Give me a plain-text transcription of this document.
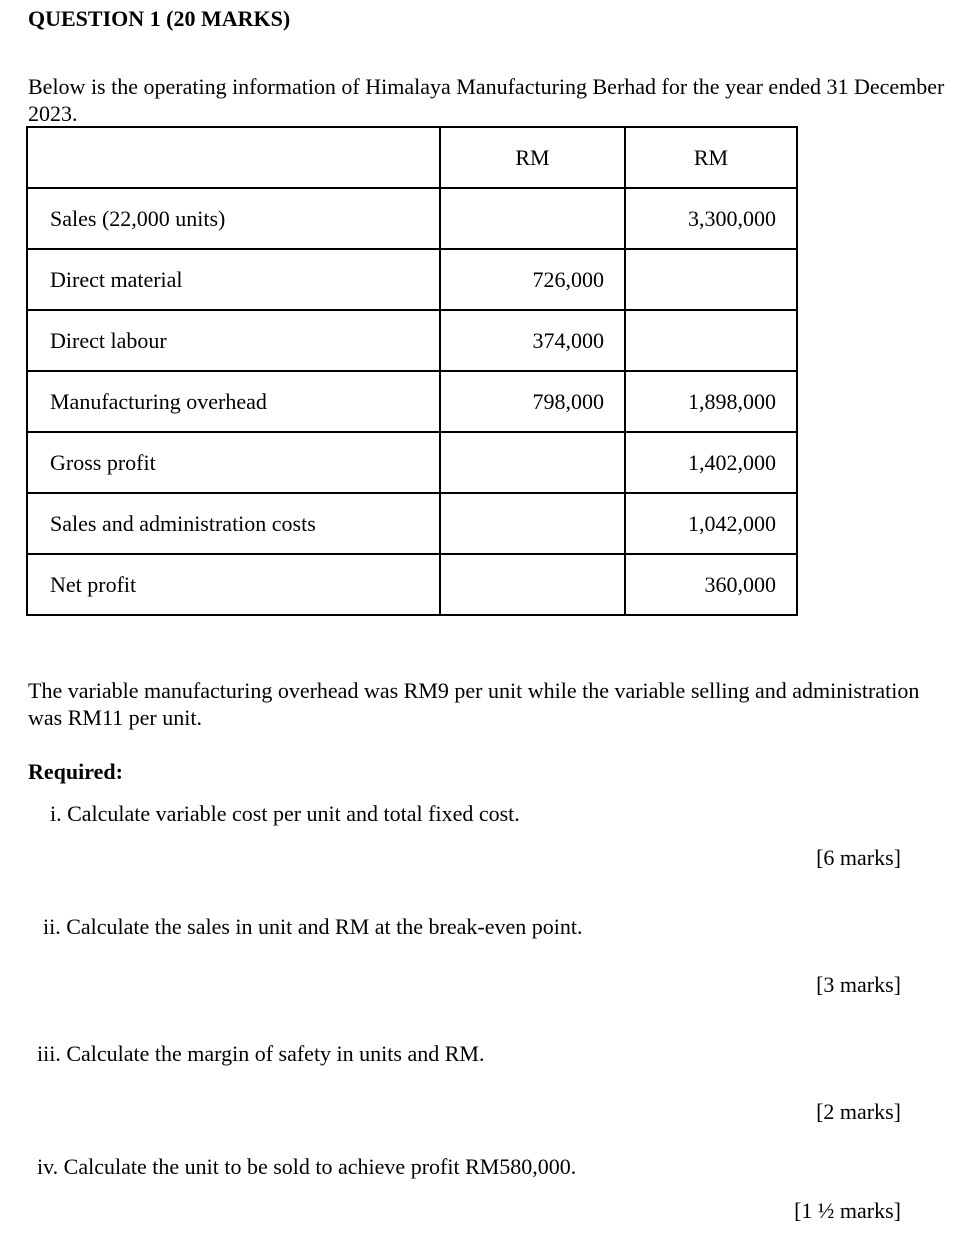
QUESTION 1 (20 MARKS)
Below is the operating information of Himalaya Manufacturing Berhad for the year ended 31 December 2023.
	RM	RM
Sales (22,000 units)		3,300,000
Direct material	726,000	
Direct labour	374,000	
Manufacturing overhead	798,000	1,898,000
Gross profit		1,402,000
Sales and administration costs		1,042,000
Net profit		360,000
The variable manufacturing overhead was RM9 per unit while the variable selling and administration was RM11 per unit.
Required:
i. Calculate variable cost per unit and total fixed cost.
[6 marks]
ii. Calculate the sales in unit and RM at the break-even point.
[3 marks]
iii. Calculate the margin of safety in units and RM.
[2 marks]
iv. Calculate the unit to be sold to achieve profit RM580,000.
[1 ½ marks]
